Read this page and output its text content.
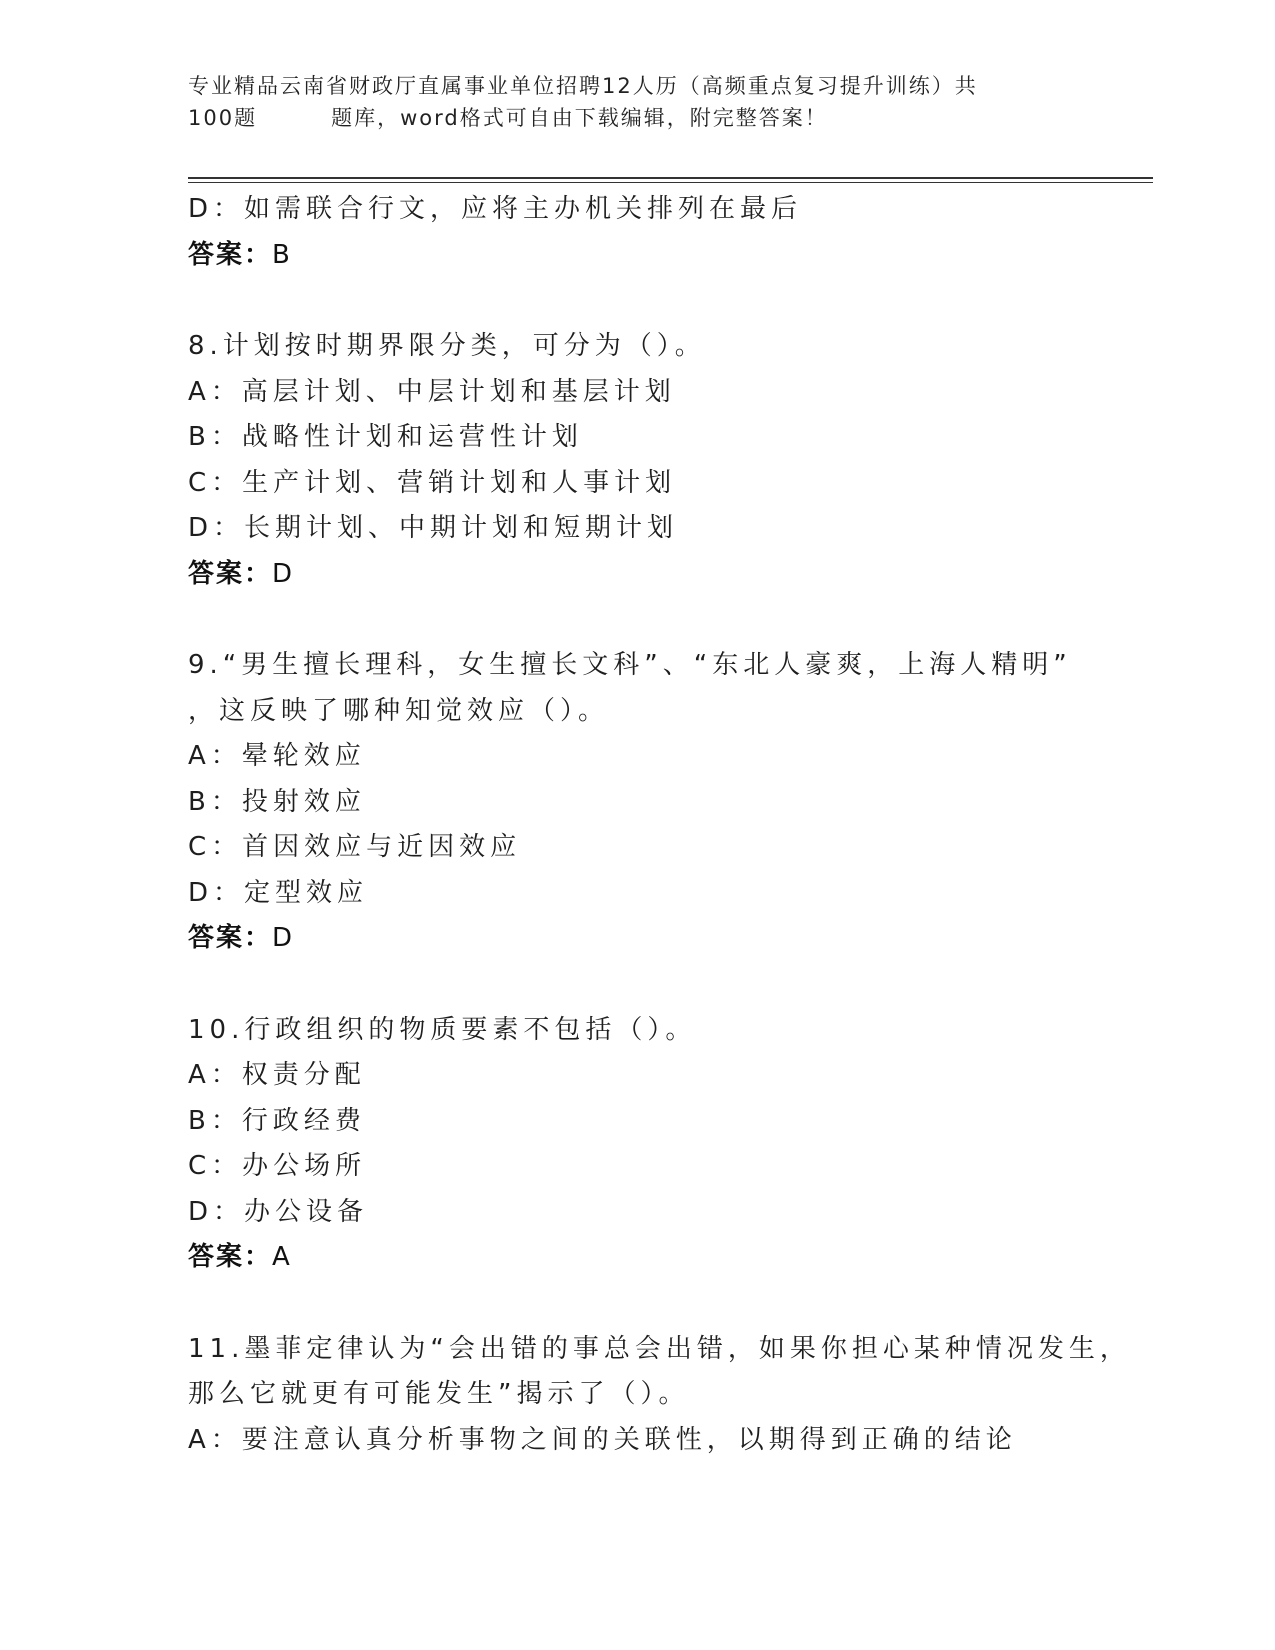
专业精品云南省财政厅直属事业单位招聘12人历（高频重点复习提升训练）共
100题	题库，word格式可自由下载编辑，附完整答案！
D：如需联合行文，应将主办机关排列在最后
答案：B
8.计划按时期界限分类，可分为（）。
A：高层计划、中层计划和基层计划
B：战略性计划和运营性计划
C：生产计划、营销计划和人事计划
D：长期计划、中期计划和短期计划
答案：D
9.“男生擅长理科，女生擅长文科”、“东北人豪爽，上海人精明”
，这反映了哪种知觉效应（）。
A：晕轮效应
B：投射效应
C：首因效应与近因效应
D：定型效应
答案：D
10.行政组织的物质要素不包括（）。
A：权责分配
B：行政经费
C：办公场所
D：办公设备
答案：A
11.墨菲定律认为“会出错的事总会出错，如果你担心某种情况发生，
那么它就更有可能发生”揭示了（）。
A：要注意认真分析事物之间的关联性，以期得到正确的结论
